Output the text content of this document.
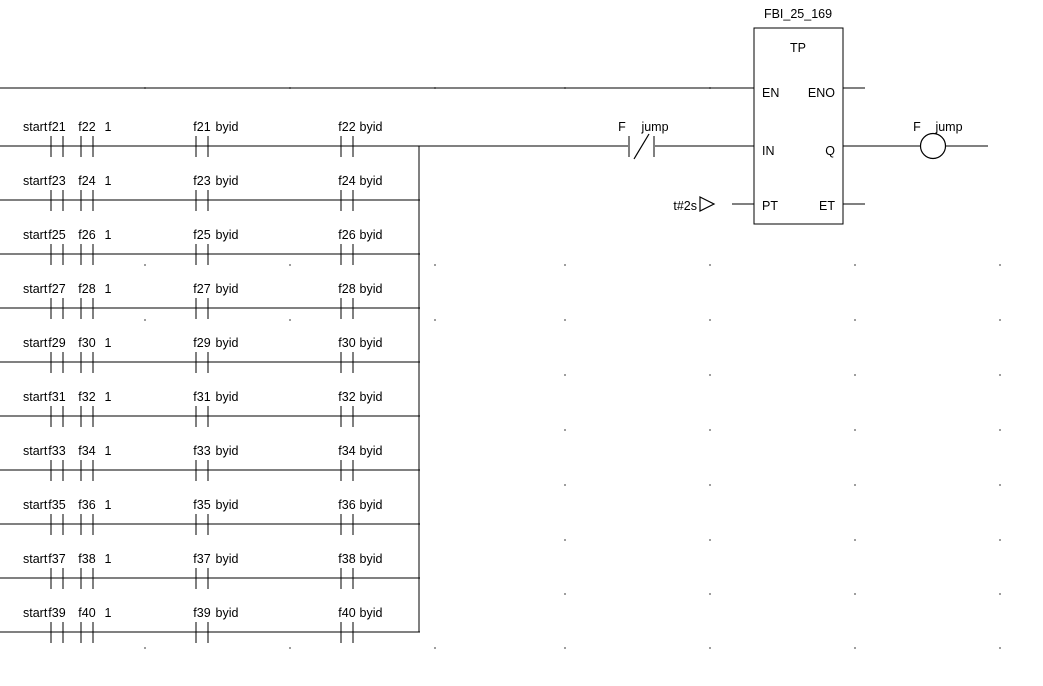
start f21 f22 1	f21 byid	f22 byid
start f23 f24 1	f23 byid	f24 byid
start f25 f26 1	f25 byid	f26 byid
start f27 f28 1	f27 byid	f28 byid
start f29 f30 1	f29 byid	f30 byid
start f31 f32 1	f31 byid	f32 byid
start f33 f34 1	f33 byid	f34 byid
start f35 f36 1	f35 byid	f36 byid
start f37 f38 1	f37 byid	f38 byid
start f39 f40 1	f39 byid	f40 byid
F jump
FBI_25_169
TP
EN ENO
IN	Q
PT	ET
t#2s
F jump
